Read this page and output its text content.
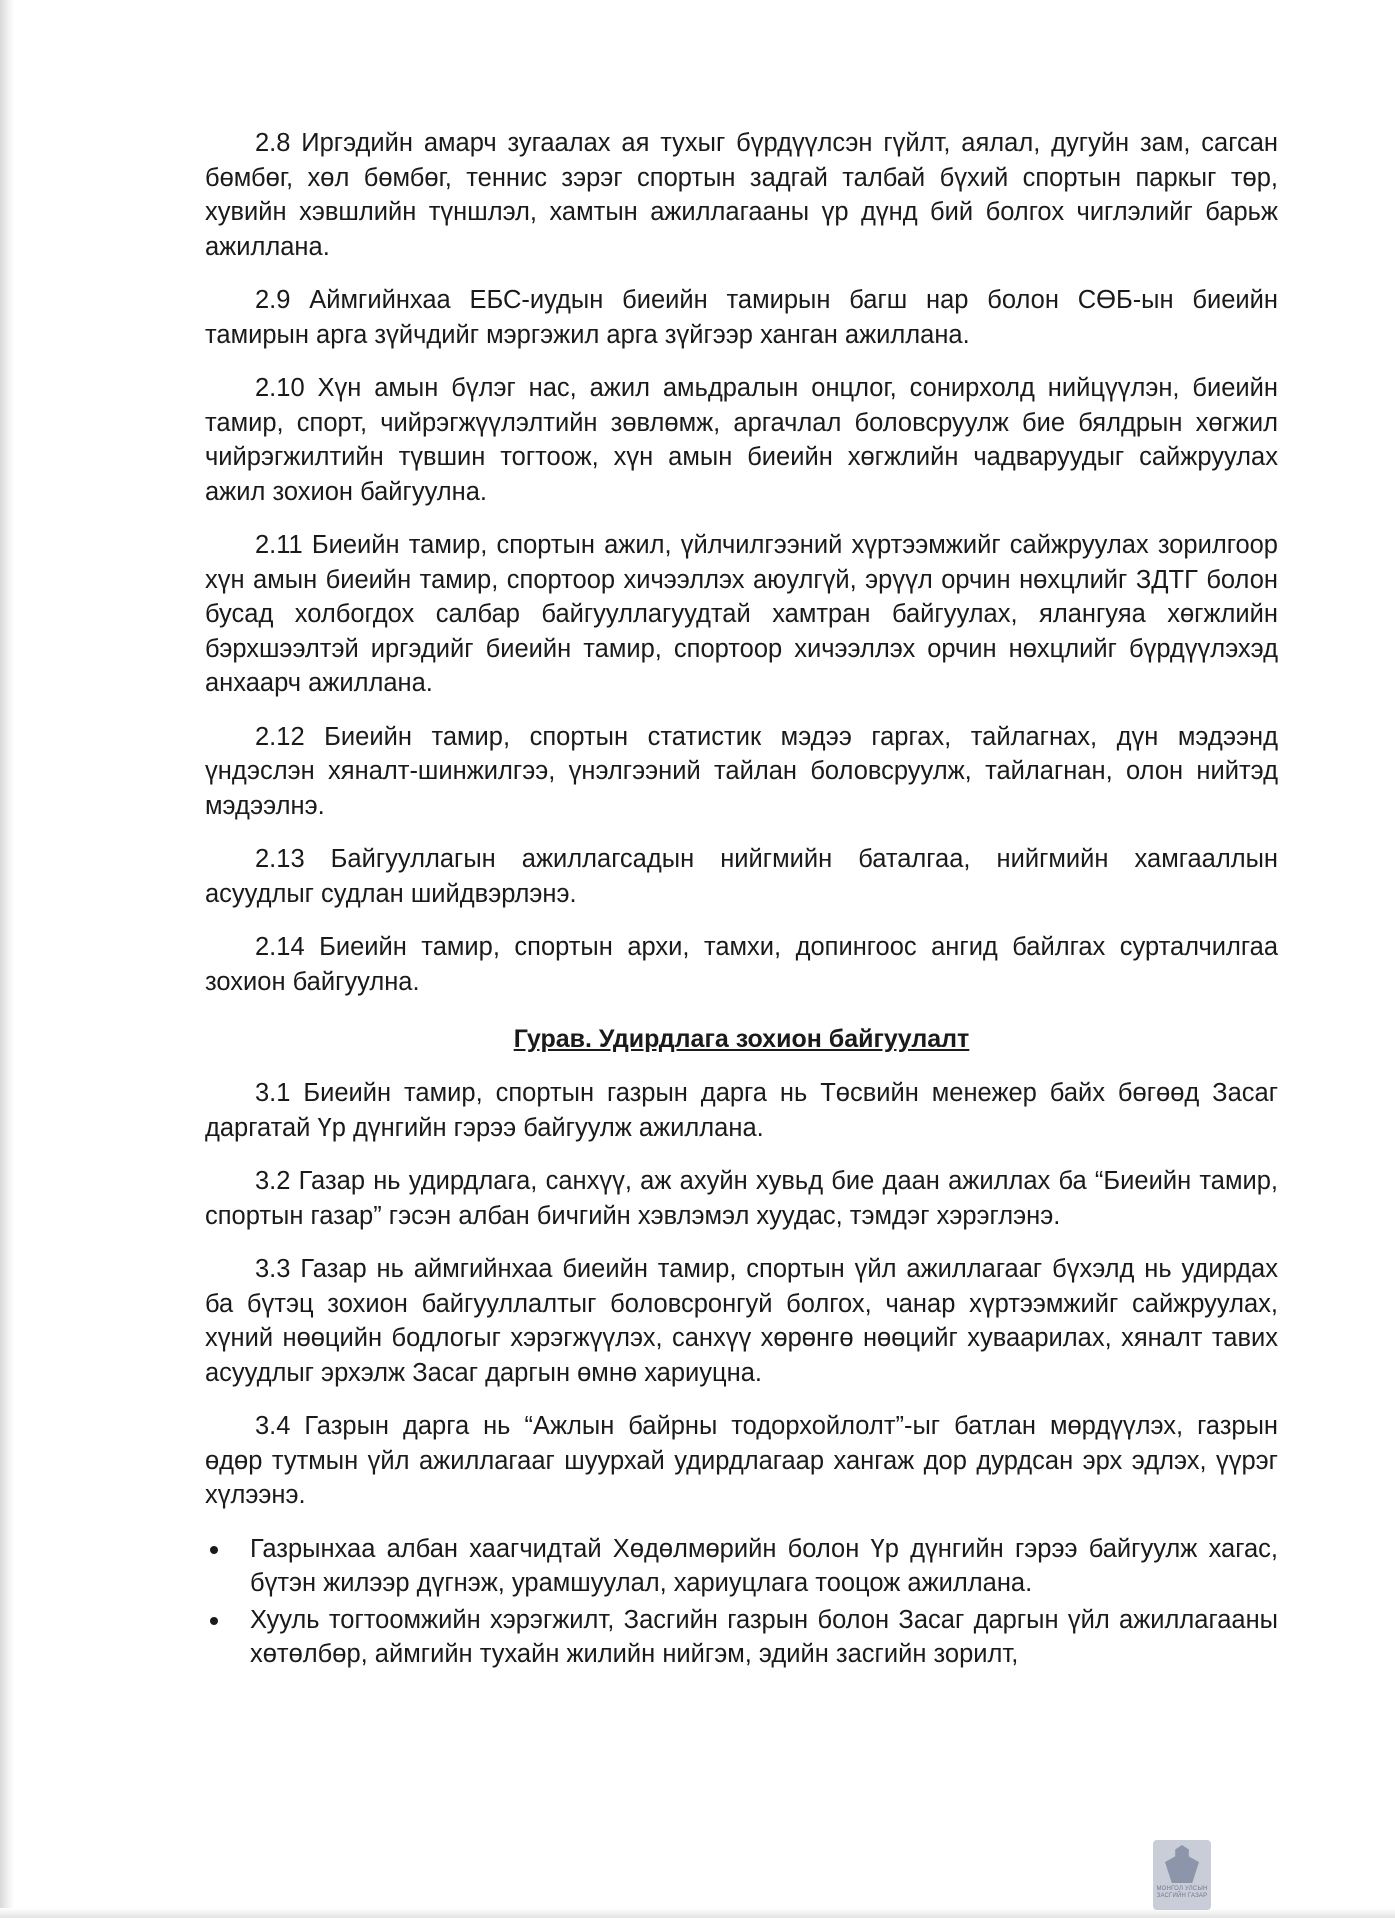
2.8 Иргэдийн амарч зугаалах ая тухыг бүрдүүлсэн гүйлт, аялал, дугуйн зам, сагсан бөмбөг, хөл бөмбөг, теннис зэрэг спортын задгай талбай бүхий спортын паркыг төр, хувийн хэвшлийн түншлэл, хамтын ажиллагааны үр дүнд бий болгох чиглэлийг барьж ажиллана.

2.9 Аймгийнхаа ЕБС-иудын биеийн тамирын багш нар болон СӨБ-ын биеийн тамирын арга зүйчдийг мэргэжил арга зүйгээр ханган ажиллана.

2.10 Хүн амын бүлэг нас, ажил амьдралын онцлог, сонирхолд нийцүүлэн, биеийн тамир, спорт, чийрэгжүүлэлтийн зөвлөмж, аргачлал боловсруулж бие бялдрын хөгжил чийрэгжилтийн түвшин тогтоож, хүн амын биеийн хөгжлийн чадваруудыг сайжруулах ажил зохион байгуулна.

2.11 Биеийн тамир, спортын ажил, үйлчилгээний хүртээмжийг сайжруулах зорилгоор хүн амын биеийн тамир, спортоор хичээллэх аюулгүй, эрүүл орчин нөхцлийг ЗДТГ болон бусад холбогдох салбар байгууллагуудтай хамтран байгуулах, ялангуяа хөгжлийн бэрхшээлтэй иргэдийг биеийн тамир, спортоор хичээллэх орчин нөхцлийг бүрдүүлэхэд анхаарч ажиллана.

2.12 Биеийн тамир, спортын статистик мэдээ гаргах, тайлагнах, дүн мэдээнд үндэслэн хяналт-шинжилгээ, үнэлгээний тайлан боловсруулж, тайлагнан, олон нийтэд мэдээлнэ.

2.13 Байгууллагын ажиллагсадын нийгмийн баталгаа, нийгмийн хамгааллын асуудлыг судлан шийдвэрлэнэ.

2.14 Биеийн тамир, спортын архи, тамхи, допингоос ангид байлгах сурталчилгаа зохион байгуулна.

Гурав. Удирдлага зохион байгуулалт

3.1 Биеийн тамир, спортын газрын дарга нь Төсвийн менежер байх бөгөөд Засаг даргатай Үр дүнгийн гэрээ байгуулж ажиллана.

3.2 Газар нь удирдлага, санхүү, аж ахуйн хувьд бие даан ажиллах ба “Биеийн тамир, спортын газар” гэсэн албан бичгийн хэвлэмэл хуудас, тэмдэг хэрэглэнэ.

3.3 Газар нь аймгийнхаа биеийн тамир, спортын үйл ажиллагааг бүхэлд нь удирдах ба бүтэц зохион байгууллалтыг боловсронгуй болгох, чанар хүртээмжийг сайжруулах, хүний нөөцийн бодлогыг хэрэгжүүлэх, санхүү хөрөнгө нөөцийг хуваарилах, хяналт тавих асуудлыг эрхэлж Засаг даргын өмнө хариуцна.

3.4 Газрын дарга нь “Ажлын байрны тодорхойлолт”-ыг батлан мөрдүүлэх, газрын өдөр тутмын үйл ажиллагааг шуурхай удирдлагаар хангаж дор дурдсан эрх эдлэх, үүрэг хүлээнэ.

Газрынхаа албан хаагчидтай Хөдөлмөрийн болон Үр дүнгийн гэрээ байгуулж хагас, бүтэн жилээр дүгнэж, урамшуулал, хариуцлага тооцож ажиллана.
Хууль тогтоомжийн хэрэгжилт, Засгийн газрын болон Засаг даргын үйл ажиллагааны хөтөлбөр, аймгийн тухайн жилийн нийгэм, эдийн засгийн зорилт,
МОНГОЛ УЛСЫН
ЗАСГИЙН ГАЗАР
